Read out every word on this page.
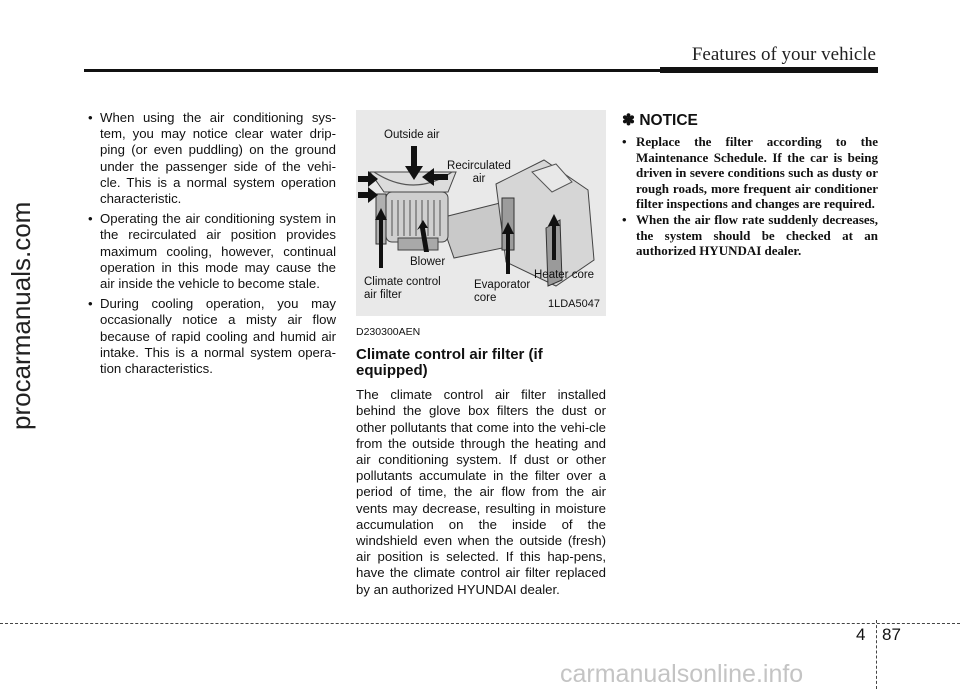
Features of your vehicle
procarmanuals.com
• When using the air conditioning sys-tem, you may notice clear water drip-ping (or even puddling) on the ground under the passenger side of the vehi-cle. This is a normal system operation characteristic.
• Operating the air conditioning system in the recirculated air position provides maximum cooling, however, continual operation in this mode may cause the air inside the vehicle to become stale.
• During cooling operation, you may occasionally notice a misty air flow because of rapid cooling and humid air intake. This is a normal system opera-tion characteristics.
Outside air
Recirculated air
Blower
Climate control air filter
Evaporator core
Heater core
1LDA5047
D230300AEN
Climate control air filter (if equipped)
The climate control air filter installed behind the glove box filters the dust or other pollutants that come into the vehi-cle from the outside through the heating and air conditioning system. If dust or other pollutants accumulate in the filter over a period of time, the air flow from the air vents may decrease, resulting in moisture accumulation on the inside of the windshield even when the outside (fresh) air position is selected. If this hap-pens, have the climate control air filter replaced by an authorized HYUNDAI dealer.
✽ NOTICE
• Replace the filter according to the Maintenance Schedule. If the car is being driven in severe conditions such as dusty or rough roads, more frequent air conditioner filter inspections and changes are required.
• When the air flow rate suddenly decreases, the system should be checked at an authorized HYUNDAI dealer.
4 87
carmanualsonline.info
